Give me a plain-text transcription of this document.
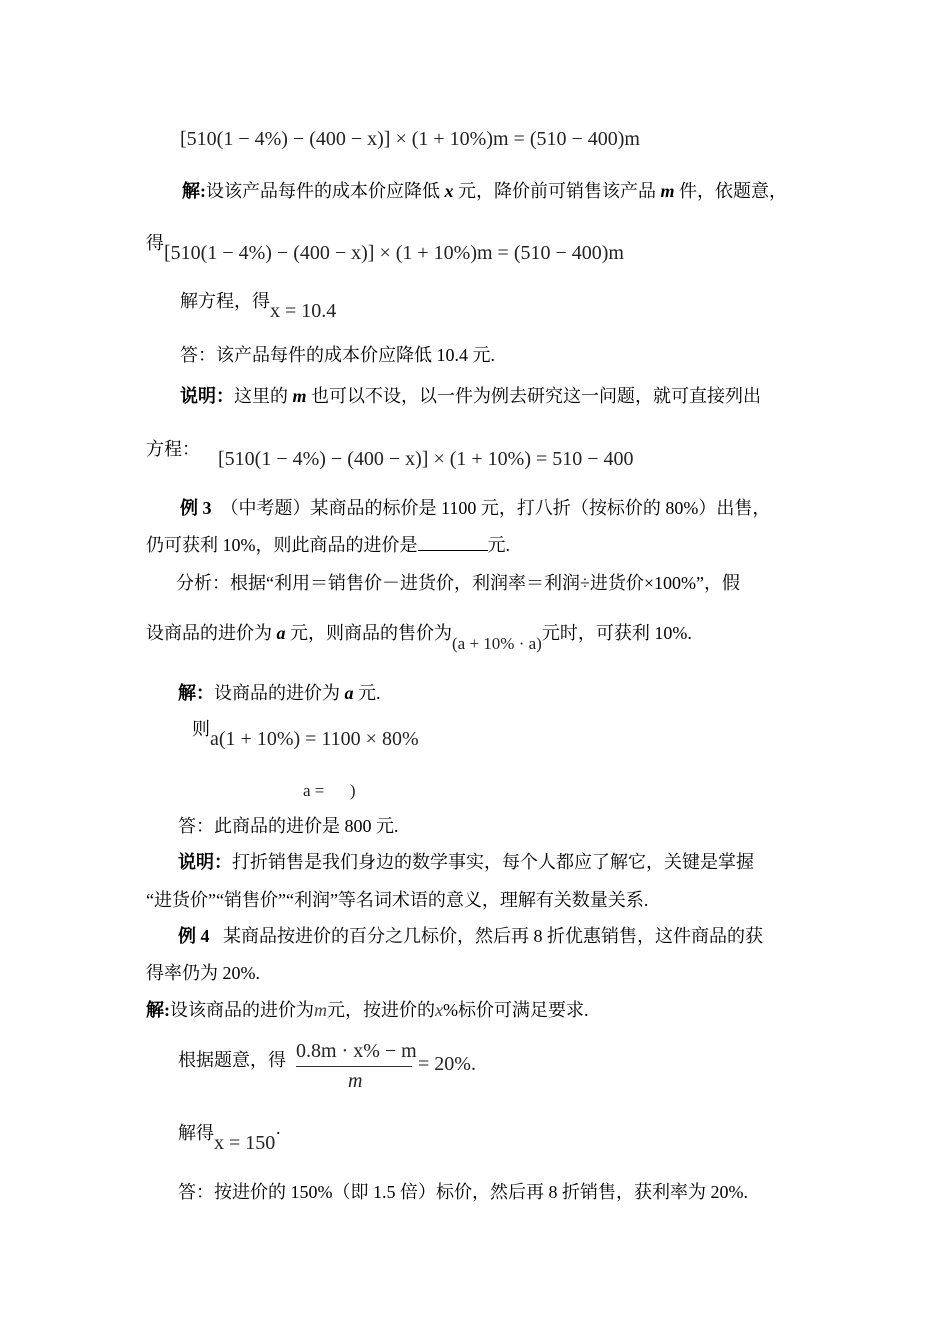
[510(1 − 4%) − (400 − x)] × (1 + 10%)m = (510 − 400)m
解:设该产品每件的成本价应降低 x 元，降价前可销售该产品 m 件，依题意，
得[510(1 − 4%) − (400 − x)] × (1 + 10%)m = (510 − 400)m
解方程，得x = 10.4
答：该产品每件的成本价应降低 10.4 元.
说明：这里的 m 也可以不设，以一件为例去研究这一问题，就可直接列出
方程： [510(1 − 4%) − (400 − x)] × (1 + 10%) = 510 − 400
例 3 （中考题）某商品的标价是 1100 元，打八折（按标价的 80%）出售，
仍可获利 10%，则此商品的进价是	元.
分析：根据“利用＝销售价－进货价，利润率＝利润÷进货价×100%”，假
设商品的进价为 a 元，则商品的售价为(a + 10% · a)元时，可获利 10%.
解：设商品的进价为 a 元.
则a(1 + 10%) = 1100 × 80%
a =      )
答：此商品的进价是 800 元.
说明：打折销售是我们身边的数学事实，每个人都应了解它，关键是掌握
“进货价”“销售价”“利润”等名词术语的意义，理解有关数量关系.
例 4 某商品按进价的百分之几标价，然后再 8 折优惠销售，这件商品的获
得率仍为 20%.
解:设该商品的进价为m元，按进价的x%标价可满足要求.
根据题意，得 0.8m · x% − m
m
= 20%.
解得x = 150·
答：按进价的 150%（即 1.5 倍）标价，然后再 8 折销售，获利率为 20%.
